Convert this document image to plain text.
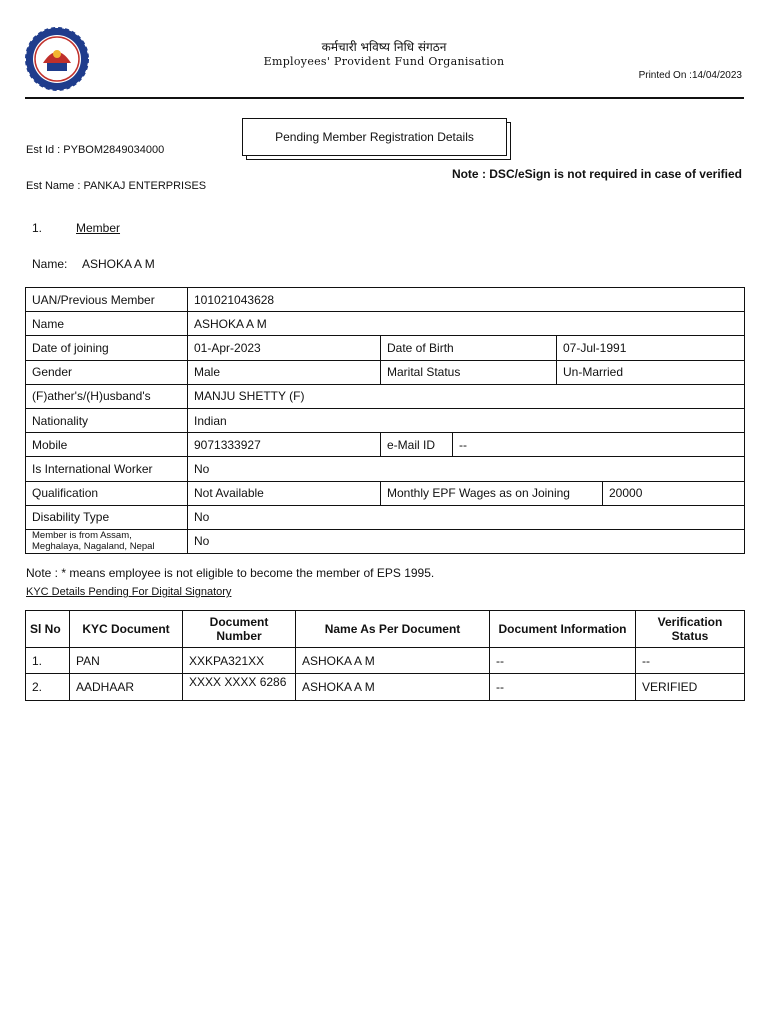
कर्मचारी भविष्य निधि संगठन
Employees' Provident Fund Organisation
Printed On :14/04/2023
Pending Member Registration Details
Est Id : PYBOM2849034000
Note : DSC/eSign is not required in case of verified
Est Name : PANKAJ ENTERPRISES
1.	Member
Name: ASHOKA A M
UAN/Previous Member	101021043628				
Name	ASHOKA A M				
Date of joining	01-Apr-2023	Date of Birth		07-Jul-1991	
Gender	Male	Marital Status		Un-Married	
(F)ather's/(H)usband's	MANJU SHETTY (F)				
Nationality	Indian				
Mobile	9071333927	e-Mail ID	--		
Is International Worker	No				
Qualification	Not Available	Monthly EPF Wages as on Joining			20000
Disability Type	No				
Member is from Assam, Meghalaya, Nagaland, Nepal	No				
Note : * means employee is not eligible to become the member of EPS 1995.
KYC Details Pending For Digital Signatory
Sl No	KYC Document	Document Number	Name As Per Document	Document Information	Verification Status
1.	PAN	XXKPA321XX	ASHOKA A M	--	--
2.	AADHAAR	XXXX XXXX 6286	ASHOKA A M	--	VERIFIED
